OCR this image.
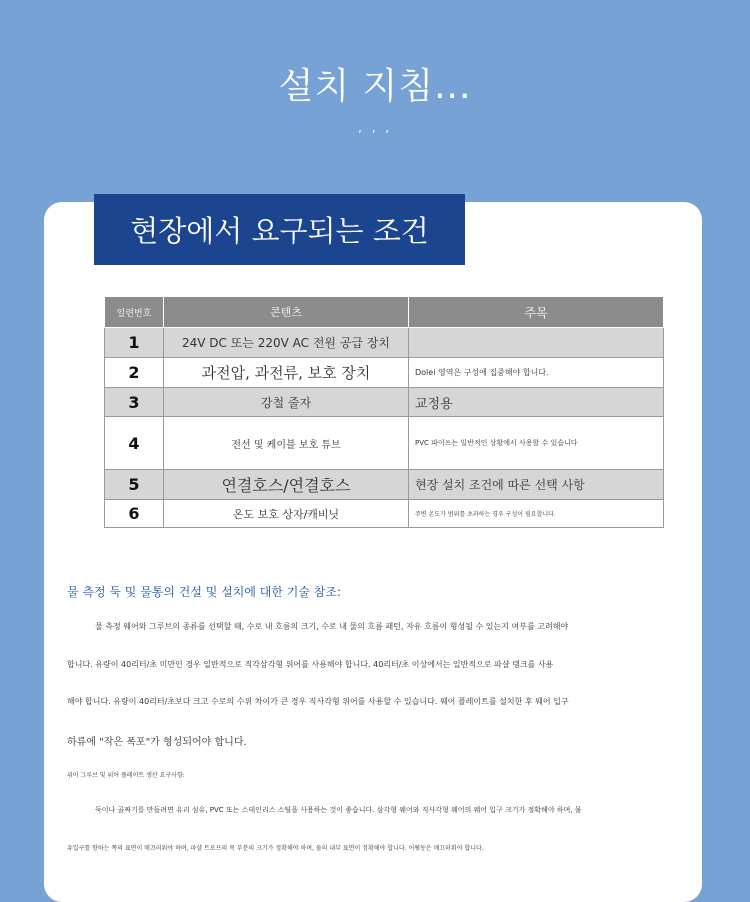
설치 지침...
’ ’ ’
현장에서 요구되는 조건
일련번호	콘텐츠	주목
1	24V DC 또는 220V AC 전원 공급 장치	
2	과전압, 과전류, 보호 장치	Dolei 영역은 구성에 집중해야 합니다.
3	강철 줄자	교정용
4	전선 및 케이블 보호 튜브	PVC 파이프는 일반적인 상황에서 사용할 수 있습니다
5	연결호스/연결호스	현장 설치 조건에 따른 선택 사항
6	온도 보호 상자/캐비닛	주변 온도가 범위를 초과하는 경우 구성이 필요합니다.
물 측정 둑 및 물통의 건설 및 설치에 대한 기술 참조:
물 측정 웨어와 그루브의 종류를 선택할 때, 수로 내 흐름의 크기, 수로 내 물의 흐름 패턴, 자유 흐름이 형성될 수 있는지 여부를 고려해야
합니다. 유량이 40리터/초 미만인 경우 일반적으로 직각삼각형 위어를 사용해야 합니다. 40리터/초 이상에서는 일반적으로 파샬 탱크를 사용
해야 합니다. 유량이 40리터/초보다 크고 수로의 수위 차이가 큰 경우 직사각형 위어를 사용할 수 있습니다. 웨어 플레이트를 설치한 후 웨어 입구
하류에 "작은 폭포"가 형성되어야 합니다.
위어 그루브 및 위어 플레이트 생산 요구사항:
둑이나 골짜기를 만들려면 유리 섬유, PVC 또는 스테인리스 스틸을 사용하는 것이 좋습니다. 삼각형 웨어와 직사각형 웨어의 웨어 입구 크기가 정확해야 하며, 물
유입구를 향하는 쪽의 표면이 매끄러워야 하며, 파샬 트로프의 목 부분의 크기가 정확해야 하며, 물의 내부 표면이 정확해야 합니다. 어떻동은 매끄러워야 합니다.
